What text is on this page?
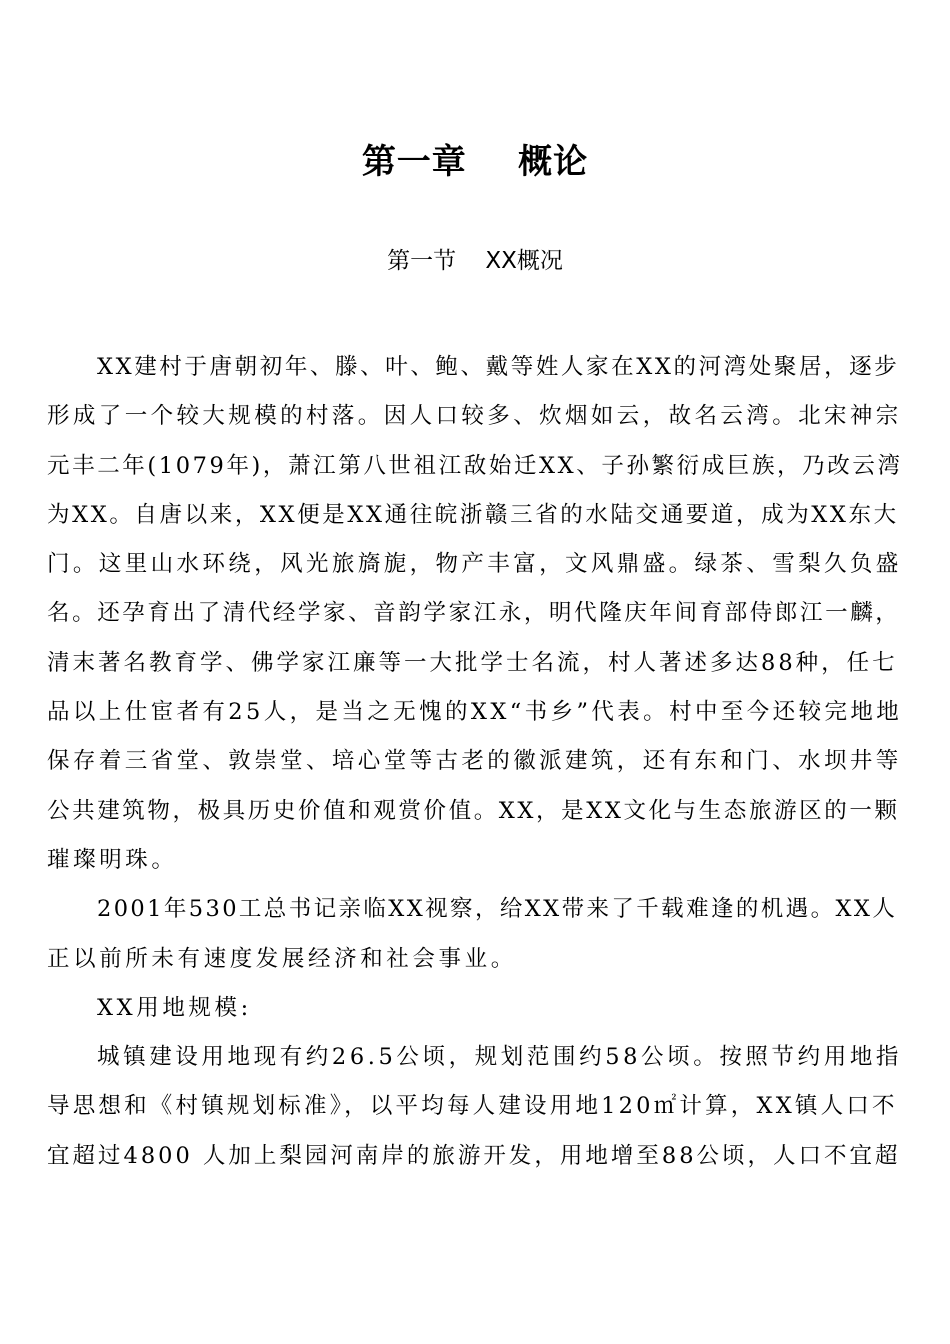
第一章    概论
第一节    XX概况
XX建村于唐朝初年、滕、叶、鲍、戴等姓人家在XX的河湾处聚居，逐步
形成了一个较大规模的村落。因人口较多、炊烟如云，故名云湾。北宋神宗
元丰二年(1079年)，萧江第八世祖江敌始迁XX、子孙繁衍成巨族，乃改云湾
为XX。自唐以来，XX便是XX通往皖浙赣三省的水陆交通要道，成为XX东大
门。这里山水环绕，风光旅旖旎，物产丰富，文风鼎盛。绿茶、雪梨久负盛
名。还孕育出了清代经学家、音韵学家江永，明代隆庆年间育部侍郎江一麟，
清末著名教育学、佛学家江廉等一大批学士名流，村人著述多达88种，任七
品以上仕宦者有25人，是当之无愧的XX“书乡”代表。村中至今还较完地地
保存着三省堂、敦崇堂、培心堂等古老的徽派建筑，还有东和门、水坝井等
公共建筑物，极具历史价值和观赏价值。XX，是XX文化与生态旅游区的一颗
璀璨明珠。
2001年530工总书记亲临XX视察，给XX带来了千载难逢的机遇。XX人
正以前所未有速度发展经济和社会事业。
XX用地规模:
城镇建设用地现有约26.5公顷，规划范围约58公顷。按照节约用地指
导思想和《村镇规划标准》，以平均每人建设用地120㎡计算，XX镇人口不
宜超过4800 人加上梨园河南岸的旅游开发，用地增至88公顷，人口不宜超
